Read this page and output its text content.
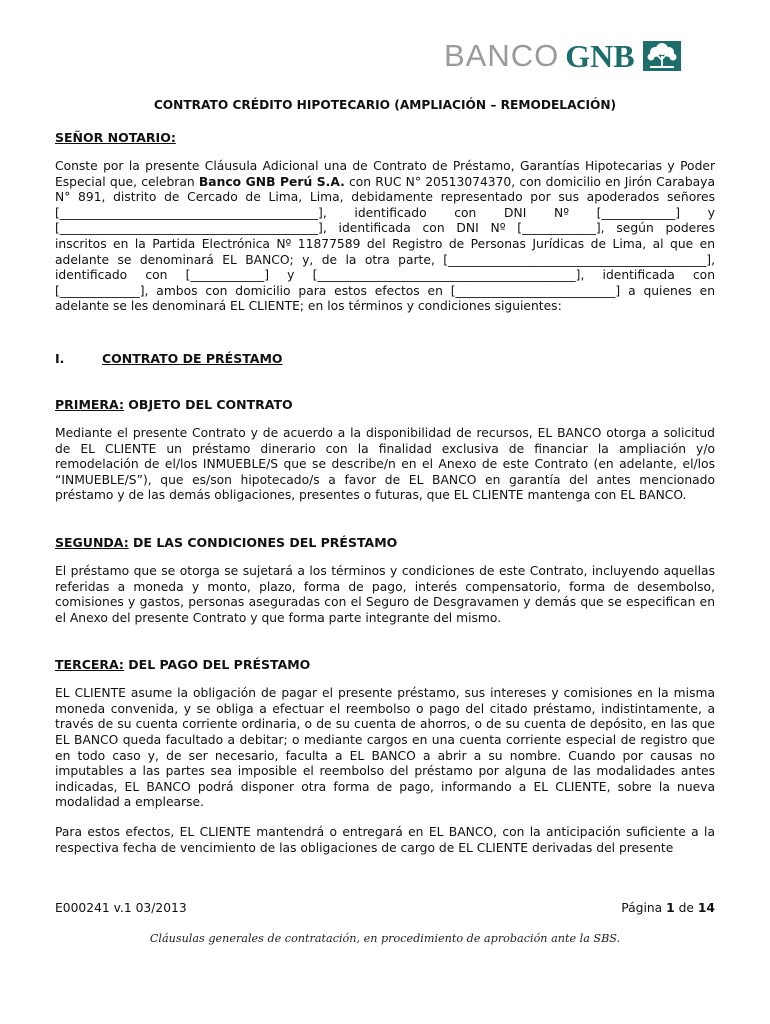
BANCO GNB
CONTRATO CRÉDITO HIPOTECARIO (AMPLIACIÓN – REMODELACIÓN)

SEÑOR NOTARIO:

Conste por la presente Cláusula Adicional una de Contrato de Préstamo, Garantías Hipotecarias y Poder Especial que, celebran Banco GNB Perú S.A. con RUC N° 20513074370, con domicilio en Jirón Carabaya N° 891, distrito de Cercado de Lima, Lima, debidamente representado por sus apoderados señores [__________________________________________], identificado con DNI Nº [____________] y [__________________________________________], identificada con DNI Nº [____________], según poderes inscritos en la Partida Electrónica Nº 11877589 del Registro de Personas Jurídicas de Lima, al que en adelante se denominará EL BANCO; y, de la otra parte, [__________________________________________], identificado con [____________] y [__________________________________________], identificada con [_____________], ambos con domicilio para estos efectos en [__________________________] a quienes en adelante se les denominará EL CLIENTE; en los términos y condiciones siguientes:

I.	CONTRATO DE PRÉSTAMO
PRIMERA: OBJETO DEL CONTRATO

Mediante el presente Contrato y de acuerdo a la disponibilidad de recursos, EL BANCO otorga a solicitud de EL CLIENTE un préstamo dinerario con la finalidad exclusiva de financiar la ampliación y/o remodelación de el/los INMUEBLE/S que se describe/n en el Anexo de este Contrato (en adelante, el/los “INMUEBLE/S”), que es/son hipotecado/s a favor de EL BANCO en garantía del antes mencionado préstamo y de las demás obligaciones, presentes o futuras, que EL CLIENTE mantenga con EL BANCO.

SEGUNDA: DE LAS CONDICIONES DEL PRÉSTAMO

El préstamo que se otorga se sujetará a los términos y condiciones de este Contrato, incluyendo aquellas referidas a moneda y monto, plazo, forma de pago, interés compensatorio, forma de desembolso, comisiones y gastos, personas aseguradas con el Seguro de Desgravamen y demás que se especifican en el Anexo del presente Contrato y que forma parte integrante del mismo.

TERCERA: DEL PAGO DEL PRÉSTAMO

EL CLIENTE asume la obligación de pagar el presente préstamo, sus intereses y comisiones en la misma moneda convenida, y se obliga a efectuar el reembolso o pago del citado préstamo, indistintamente, a través de su cuenta corriente ordinaria, o de su cuenta de ahorros, o de su cuenta de depósito, en las que EL BANCO queda facultado a debitar; o mediante cargos en una cuenta corriente especial de registro que en todo caso y, de ser necesario, faculta a EL BANCO a abrir a su nombre. Cuando por causas no imputables a las partes sea imposible el reembolso del préstamo por alguna de las modalidades antes indicadas, EL BANCO podrá disponer otra forma de pago, informando a EL CLIENTE, sobre la nueva modalidad a emplearse.

Para estos efectos, EL CLIENTE mantendrá o entregará en EL BANCO, con la anticipación suficiente a la respectiva fecha de vencimiento de las obligaciones de cargo de EL CLIENTE derivadas del presente

E000241 v.1 03/2013	Página 1 de 14
Cláusulas generales de contratación, en procedimiento de aprobación ante la SBS.
